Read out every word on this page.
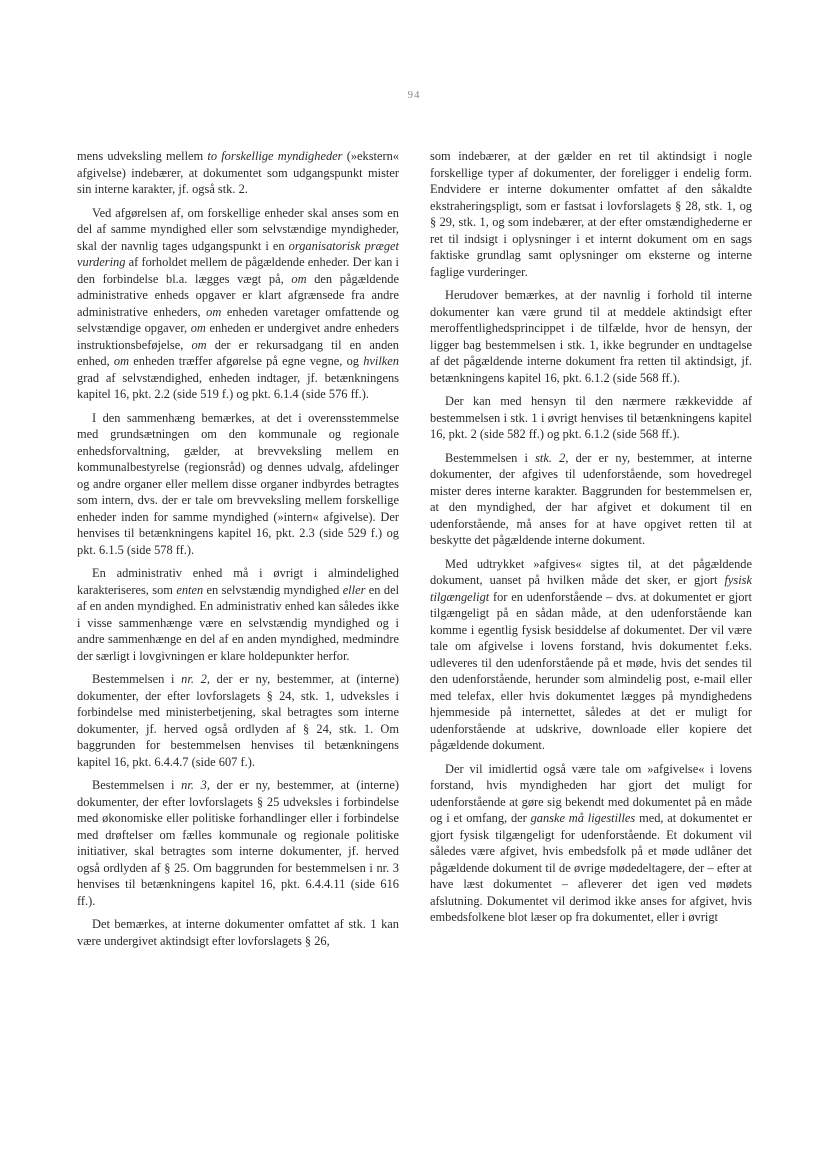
94

mens udveksling mellem to forskellige myndigheder (»ekstern« afgivelse) indebærer, at dokumentet som udgangspunkt mister sin interne karakter, jf. også stk. 2.

Ved afgørelsen af, om forskellige enheder skal anses som en del af samme myndighed eller som selvstændige myndigheder, skal der navnlig tages udgangspunkt i en organisatorisk præget vurdering af forholdet mellem de pågældende enheder. Der kan i den forbindelse bl.a. lægges vægt på, om den pågældende administrative enheds opgaver er klart afgrænsede fra andre administrative enheders, om enheden varetager omfattende og selvstændige opgaver, om enheden er undergivet andre enheders instruktionsbeføjelse, om der er rekursadgang til en anden enhed, om enheden træffer afgørelse på egne vegne, og hvilken grad af selvstændighed, enheden indtager, jf. betænkningens kapitel 16, pkt. 2.2 (side 519 f.) og pkt. 6.1.4 (side 576 ff.).

I den sammenhæng bemærkes, at det i overensstemmelse med grundsætningen om den kommunale og regionale enhedsforvaltning, gælder, at brevveksling mellem en kommunalbestyrelse (regionsråd) og dennes udvalg, afdelinger og andre organer eller mellem disse organer indbyrdes betragtes som intern, dvs. der er tale om brevveksling mellem forskellige enheder inden for samme myndighed (»intern« afgivelse). Der henvises til betænkningens kapitel 16, pkt. 2.3 (side 529 f.) og pkt. 6.1.5 (side 578 ff.).

En administrativ enhed må i øvrigt i almindelighed karakteriseres, som enten en selvstændig myndighed eller en del af en anden myndighed. En administrativ enhed kan således ikke i visse sammenhænge være en selvstændig myndighed og i andre sammenhænge en del af en anden myndighed, medmindre der særligt i lovgivningen er klare holdepunkter herfor.

Bestemmelsen i nr. 2, der er ny, bestemmer, at (interne) dokumenter, der efter lovforslagets § 24, stk. 1, udveksles i forbindelse med ministerbetjening, skal betragtes som interne dokumenter, jf. herved også ordlyden af § 24, stk. 1. Om baggrunden for bestemmelsen henvises til betænkningens kapitel 16, pkt. 6.4.4.7 (side 607 f.).

Bestemmelsen i nr. 3, der er ny, bestemmer, at (interne) dokumenter, der efter lovforslagets § 25 udveksles i forbindelse med økonomiske eller politiske forhandlinger eller i forbindelse med drøftelser om fælles kommunale og regionale politiske initiativer, skal betragtes som interne dokumenter, jf. herved også ordlyden af § 25. Om baggrunden for bestemmelsen i nr. 3 henvises til betænkningens kapitel 16, pkt. 6.4.4.11 (side 616 ff.).

Det bemærkes, at interne dokumenter omfattet af stk. 1 kan være undergivet aktindsigt efter lovforslagets § 26,

som indebærer, at der gælder en ret til aktindsigt i nogle forskellige typer af dokumenter, der foreligger i endelig form. Endvidere er interne dokumenter omfattet af den såkaldte ekstraheringspligt, som er fastsat i lovforslagets § 28, stk. 1, og § 29, stk. 1, og som indebærer, at der efter omstændighederne er ret til indsigt i oplysninger i et internt dokument om en sags faktiske grundlag samt oplysninger om eksterne og interne faglige vurderinger.

Herudover bemærkes, at der navnlig i forhold til interne dokumenter kan være grund til at meddele aktindsigt efter meroffentlighedsprincippet i de tilfælde, hvor de hensyn, der ligger bag bestemmelsen i stk. 1, ikke begrunder en undtagelse af det pågældende interne dokument fra retten til aktindsigt, jf. betænkningens kapitel 16, pkt. 6.1.2 (side 568 ff.).

Der kan med hensyn til den nærmere rækkevidde af bestemmelsen i stk. 1 i øvrigt henvises til betænkningens kapitel 16, pkt. 2 (side 582 ff.) og pkt. 6.1.2 (side 568 ff.).

Bestemmelsen i stk. 2, der er ny, bestemmer, at interne dokumenter, der afgives til udenforstående, som hovedregel mister deres interne karakter. Baggrunden for bestemmelsen er, at den myndighed, der har afgivet et dokument til en udenforstående, må anses for at have opgivet retten til at beskytte det pågældende interne dokument.

Med udtrykket »afgives« sigtes til, at det pågældende dokument, uanset på hvilken måde det sker, er gjort fysisk tilgængeligt for en udenforstående – dvs. at dokumentet er gjort tilgængeligt på en sådan måde, at den udenforstående kan komme i egentlig fysisk besiddelse af dokumentet. Der vil være tale om afgivelse i lovens forstand, hvis dokumentet f.eks. udleveres til den udenforstående på et møde, hvis det sendes til den udenforstående, herunder som almindelig post, e-mail eller med telefax, eller hvis dokumentet lægges på myndighedens hjemmeside på internettet, således at det er muligt for udenforstående at udskrive, downloade eller kopiere det pågældende dokument.

Der vil imidlertid også være tale om »afgivelse« i lovens forstand, hvis myndigheden har gjort det muligt for udenforstående at gøre sig bekendt med dokumentet på en måde og i et omfang, der ganske må ligestilles med, at dokumentet er gjort fysisk tilgængeligt for udenforstående. Et dokument vil således være afgivet, hvis embedsfolk på et møde udlåner det pågældende dokument til de øvrige mødedeltagere, der – efter at have læst dokumentet – afleverer det igen ved mødets afslutning. Dokumentet vil derimod ikke anses for afgivet, hvis embedsfolkene blot læser op fra dokumentet, eller i øvrigt
